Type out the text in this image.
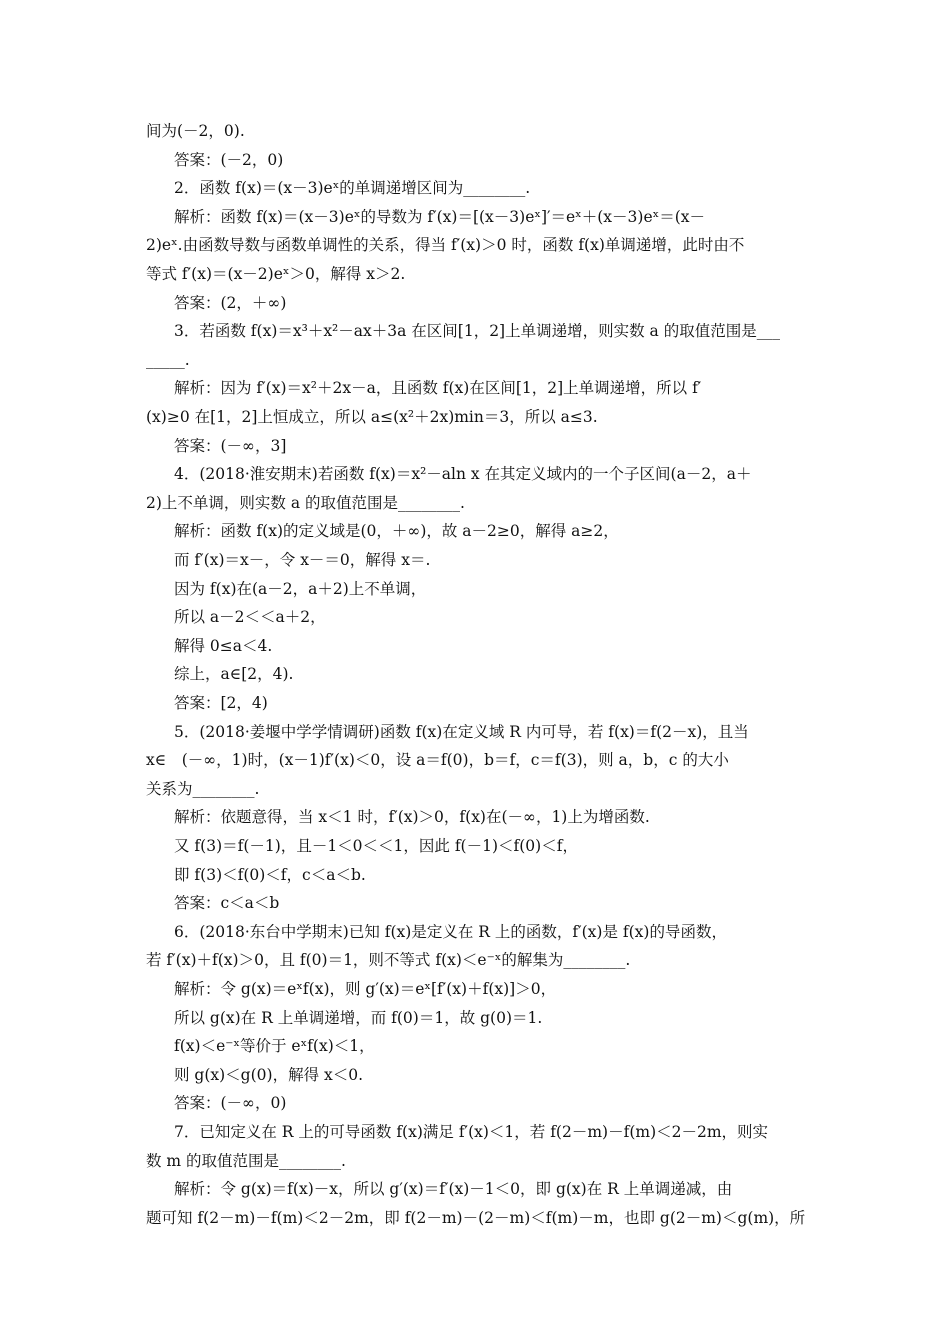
间为(－2，0).
答案：(－2，0)
2．函数 f(x)＝(x－3)eˣ的单调递增区间为________.
解析：函数 f(x)＝(x－3)eˣ的导数为 f′(x)＝[(x－3)eˣ]′＝eˣ＋(x－3)eˣ＝(x－
2)eˣ.由函数导数与函数单调性的关系，得当 f′(x)＞0 时，函数 f(x)单调递增，此时由不
等式 f′(x)＝(x－2)eˣ＞0，解得 x＞2.
答案：(2，＋∞)
3．若函数 f(x)＝x³＋x²－ax＋3a 在区间[1，2]上单调递增，则实数 a 的取值范围是___
_____.
解析：因为 f′(x)＝x²＋2x－a，且函数 f(x)在区间[1，2]上单调递增，所以 f′
(x)≥0 在[1，2]上恒成立，所以 a≤(x²＋2x)min＝3，所以 a≤3.
答案：(－∞，3]
4．(2018·淮安期末)若函数 f(x)＝x²－aln x 在其定义域内的一个子区间(a－2，a＋
2)上不单调，则实数 a 的取值范围是________.
解析：函数 f(x)的定义域是(0，＋∞)，故 a－2≥0，解得 a≥2，
而 f′(x)＝x－，令 x－＝0，解得 x＝.
因为 f(x)在(a－2，a＋2)上不单调，
所以 a－2＜＜a＋2，
解得 0≤a＜4.
综上，a∈[2，4).
答案：[2，4)
5．(2018·姜堰中学学情调研)函数 f(x)在定义域 R 内可导，若 f(x)＝f(2－x)，且当
x∈　(－∞，1)时，(x－1)f′(x)＜0，设 a＝f(0)，b＝f，c＝f(3)，则 a，b，c 的大小
关系为________.
解析：依题意得，当 x＜1 时，f′(x)＞0，f(x)在(－∞，1)上为增函数.
又 f(3)＝f(－1)，且－1＜0＜＜1，因此 f(－1)＜f(0)＜f，
即 f(3)＜f(0)＜f，c＜a＜b.
答案：c＜a＜b
6．(2018·东台中学期末)已知 f(x)是定义在 R 上的函数，f′(x)是 f(x)的导函数，
若 f′(x)＋f(x)＞0，且 f(0)＝1，则不等式 f(x)＜e⁻ˣ的解集为________.
解析：令 g(x)＝eˣf(x)，则 g′(x)＝eˣ[f′(x)＋f(x)]＞0，
所以 g(x)在 R 上单调递增，而 f(0)＝1，故 g(0)＝1.
f(x)＜e⁻ˣ等价于 eˣf(x)＜1，
则 g(x)＜g(0)，解得 x＜0.
答案：(－∞，0)
7．已知定义在 R 上的可导函数 f(x)满足 f′(x)＜1，若 f(2－m)－f(m)＜2－2m，则实
数 m 的取值范围是________.
解析：令 g(x)＝f(x)－x，所以 g′(x)＝f′(x)－1＜0，即 g(x)在 R 上单调递减，由
题可知 f(2－m)－f(m)＜2－2m，即 f(2－m)－(2－m)＜f(m)－m，也即 g(2－m)＜g(m)，所
